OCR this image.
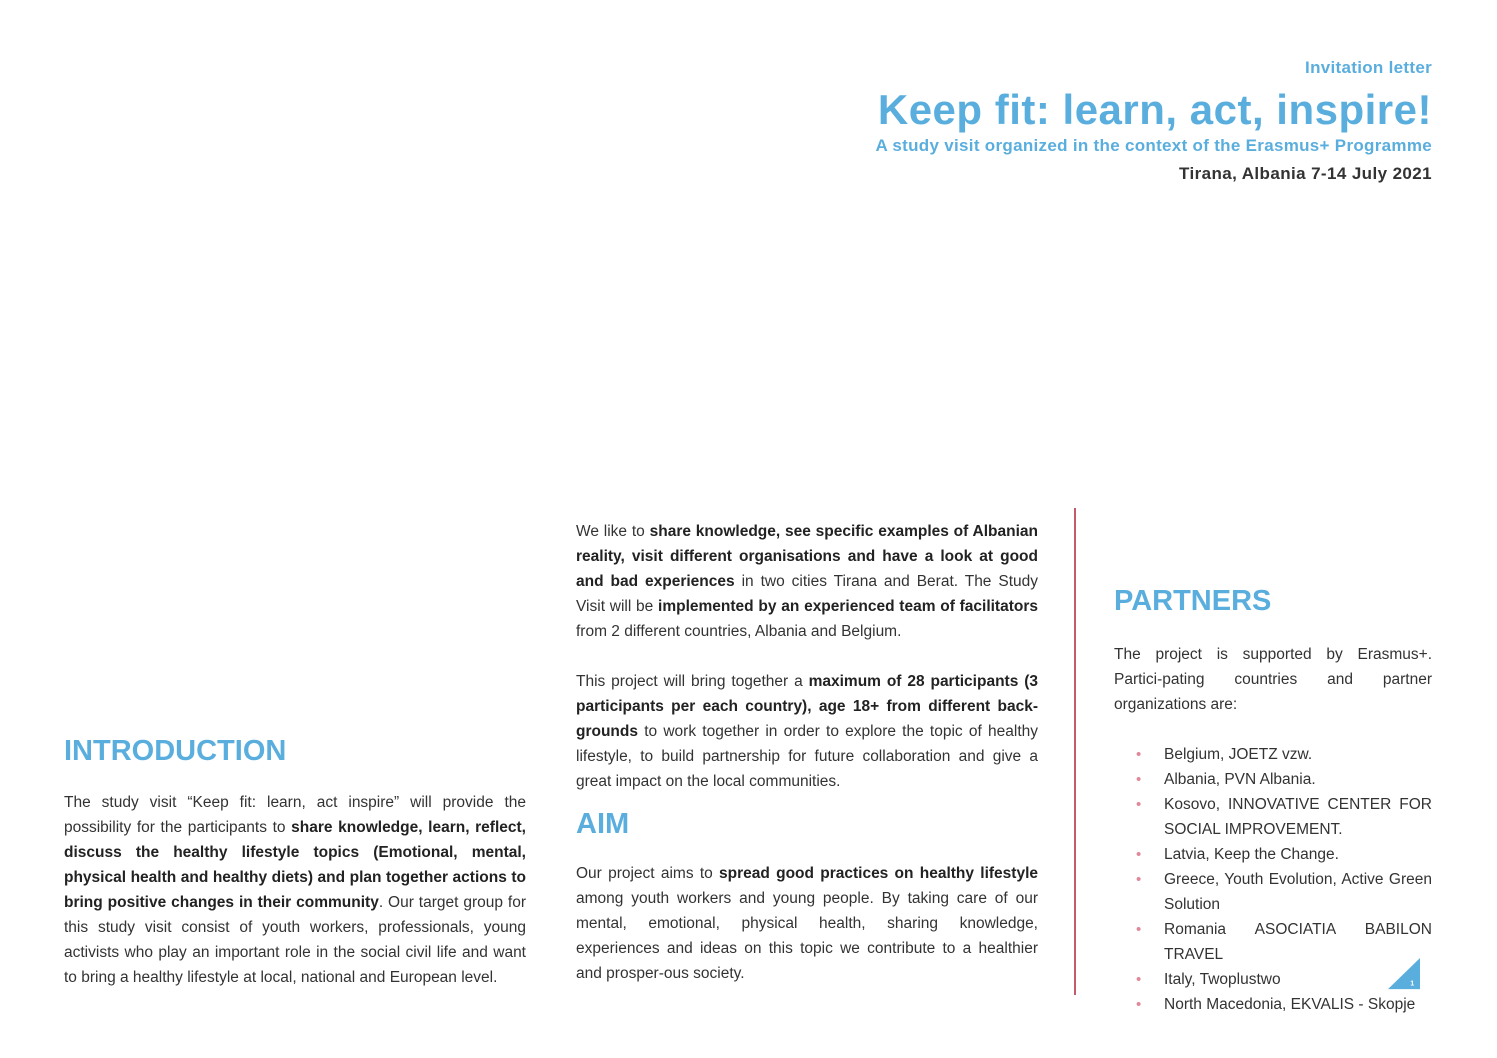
Invitation letter
Keep fit: learn, act, inspire!
A study visit organized in the context of the Erasmus+ Programme
Tirana, Albania 7-14 July 2021
INTRODUCTION

The study visit “Keep fit: learn, act inspire” will provide the possibility for the participants to share knowledge, learn, reflect, discuss the healthy lifestyle topics (Emotional, mental, physical health and healthy diets) and plan together actions to bring positive changes in their community. Our target group for this study visit consist of youth workers, professionals, young activists who play an important role in the social civil life and want to bring a healthy lifestyle at local, national and European level.

We like to share knowledge, see specific examples of Albanian reality, visit different organisations and have a look at good and bad experiences in two cities Tirana and Berat. The Study Visit will be implemented by an experienced team of facilitators from 2 different countries, Albania and Belgium.

This project will bring together a maximum of 28 participants (3 participants per each country), age 18+ from different back-grounds to work together in order to explore the topic of healthy lifestyle, to build partnership for future collaboration and give a great impact on the local communities.

AIM

Our project aims to spread good practices on healthy lifestyle among youth workers and young people. By taking care of our mental, emotional, physical health, sharing knowledge, experiences and ideas on this topic we contribute to a healthier and prosper-ous society.

PARTNERS

The project is supported by Erasmus+. Partici-pating countries and partner organizations are:

• Belgium, JOETZ vzw.
• Albania, PVN Albania.
• Kosovo, INNOVATIVE CENTER FOR SOCIAL IMPROVEMENT.
• Latvia, Keep the Change.
• Greece, Youth Evolution, Active Green Solution
• Romania ASOCIATIA BABILON TRAVEL
• Italy, Twoplustwo
• North Macedonia, EKVALIS - Skopje
1
